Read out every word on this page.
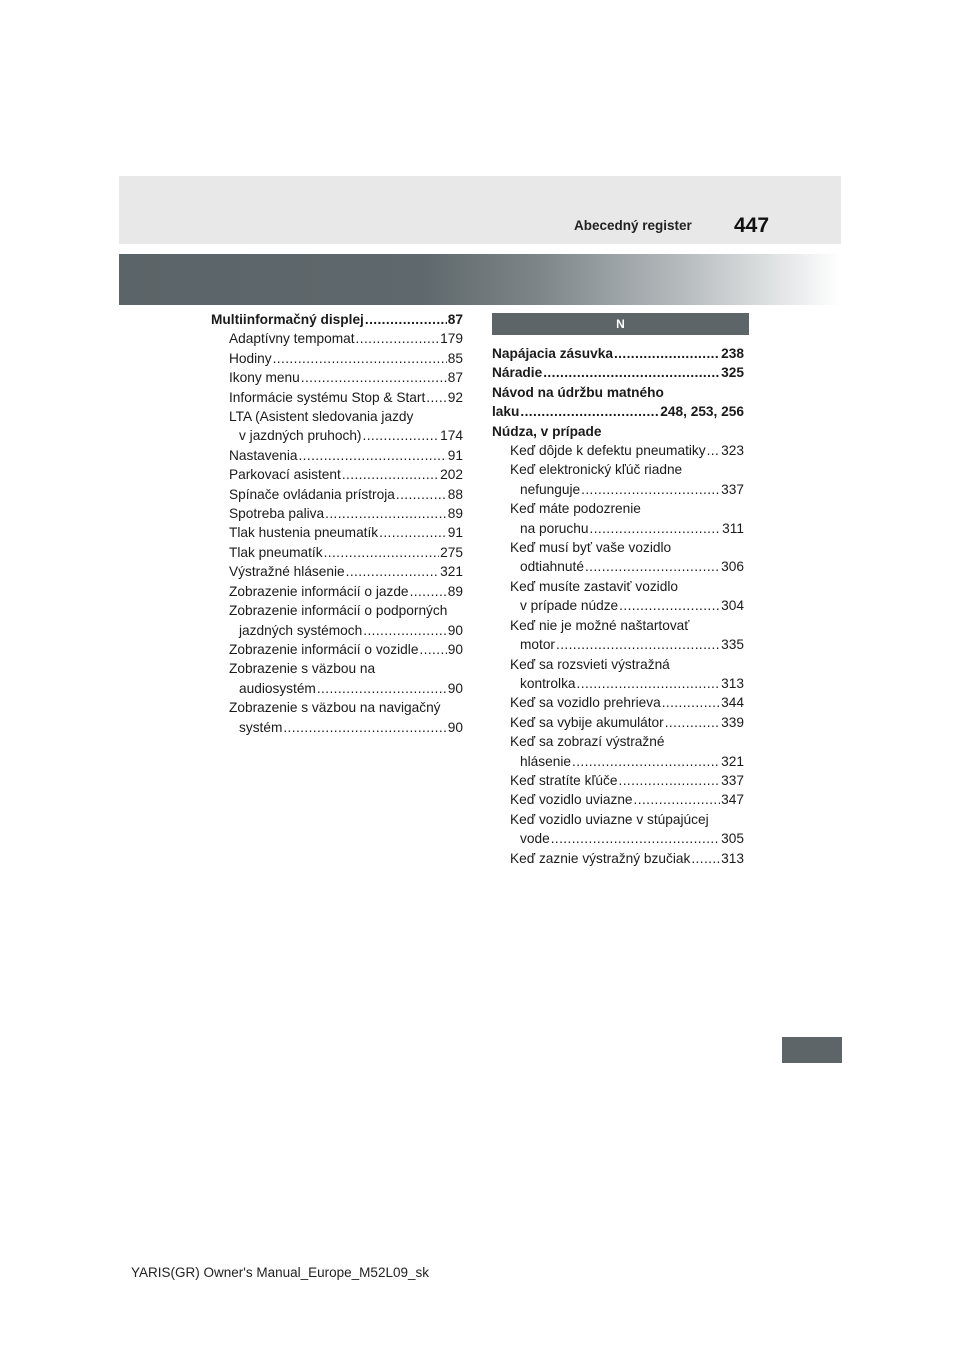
Abecedný register 447
Multiinformačný displej .....	87
Adaptívny tempomat .....	179
Hodiny .....	85
Ikony menu .....	87
Informácie systému Stop & Start ..... 92
LTA (Asistent sledovania jazdy
v jazdných pruhoch) .....	174
Nastavenia .....	91
Parkovací asistent .....	202
Spínače ovládania prístroja .....	88
Spotreba paliva .....	89
Tlak hustenia pneumatík .....	91
Tlak pneumatík .....	275
Výstražné hlásenie .....	321
Zobrazenie informácií o jazde .....	89
Zobrazenie informácií o podporných
jazdných systémoch .....	90
Zobrazenie informácií o vozidle ..... 90
Zobrazenie s väzbou na
audiosystém .....	90
Zobrazenie s väzbou na navigačný
systém .....	90
N
Napájacia zásuvka .....	238
Náradie .....	325
Návod na údržbu matného
laku .....	248, 253, 256
Núdza, v prípade
Keď dôjde k defektu pneumatiky ..... 323
Keď elektronický kľúč riadne
nefunguje .....	337
Keď máte podozrenie
na poruchu .....	311
Keď musí byť vaše vozidlo
odtiahnuté .....	306
Keď musíte zastaviť vozidlo
v prípade núdze .....	304
Keď nie je možné naštartovať
motor .....	335
Keď sa rozsvieti výstražná
kontrolka .....	313
Keď sa vozidlo prehrieva .....	344
Keď sa vybije akumulátor .....	339
Keď sa zobrazí výstražné
hlásenie .....	321
Keď stratíte kľúče .....	337
Keď vozidlo uviazne .....	347
Keď vozidlo uviazne v stúpajúcej
vode .....	305
Keď zaznie výstražný bzučiak ..... 313
YARIS(GR) Owner's Manual_Europe_M52L09_sk
